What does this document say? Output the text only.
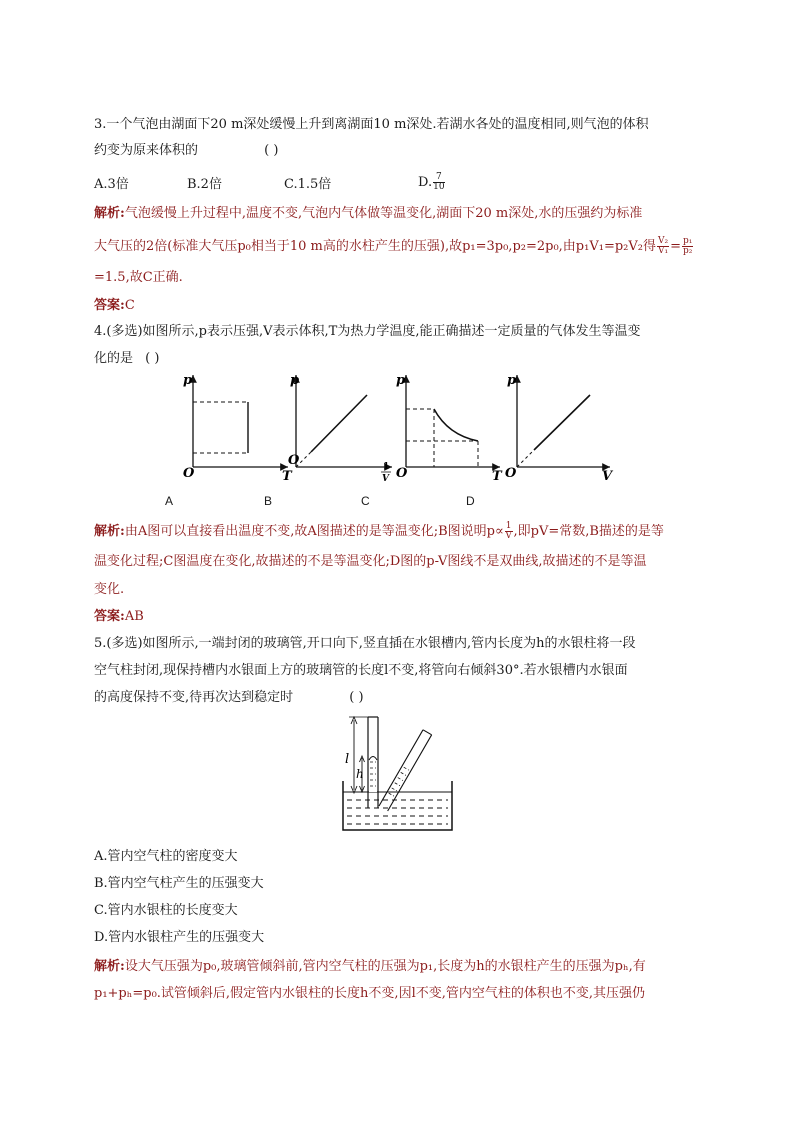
3.一个气泡由湖面下20 m深处缓慢上升到离湖面10 m深处.若湖水各处的温度相同,则气泡的体积
约变为原来体积的	( )
A.3倍	B.2倍	C.1.5倍	D. $\frac{7}{10}$
解析:气泡缓慢上升过程中,温度不变,气泡内气体做等温变化,湖面下20 m深处,水的压强约为标准
大气压的2倍(标准大气压p₀相当于10 m高的水柱产生的压强),故p₁=3p₀,p₂=2p₀,由p₁V₁=p₂V₂得 $\frac{\text{V₂}}{\text{V₁}} = \frac{\text{p₁}}{\text{p₂}}$
=1.5,故C正确.
答案:C
4.(多选)如图所示,p表示压强,V表示体积,T为热力学温度,能正确描述一定质量的气体发生等温变
化的是 ( )
p
O	T
p
O	1
V
p
O	T
p
O	V
A	B	C	D
解析:由A图可以直接看出温度不变,故A图描述的是等温变化;B图说明$p\propto \frac{1}{V}$ ,即pV=常数,B描述的是等
温变化过程;C图温度在变化,故描述的不是等温变化;D图的p-V图线不是双曲线,故描述的不是等温
变化.
答案:AB
5.(多选)如图所示,一端封闭的玻璃管,开口向下,竖直插在水银槽内,管内长度为h的水银柱将一段
空气柱封闭,现保持槽内水银面上方的玻璃管的长度l不变,将管向右倾斜30°.若水银槽内水银面
的高度保持不变,待再次达到稳定时	( )
l
h
A.管内空气柱的密度变大
B.管内空气柱产生的压强变大
C.管内水银柱的长度变大
D.管内水银柱产生的压强变大
解析:设大气压强为p₀,玻璃管倾斜前,管内空气柱的压强为p₁,长度为h的水银柱产生的压强为pₕ,有
p₁+pₕ=p₀.试管倾斜后,假定管内水银柱的长度h不变,因l不变,管内空气柱的体积也不变,其压强仍
